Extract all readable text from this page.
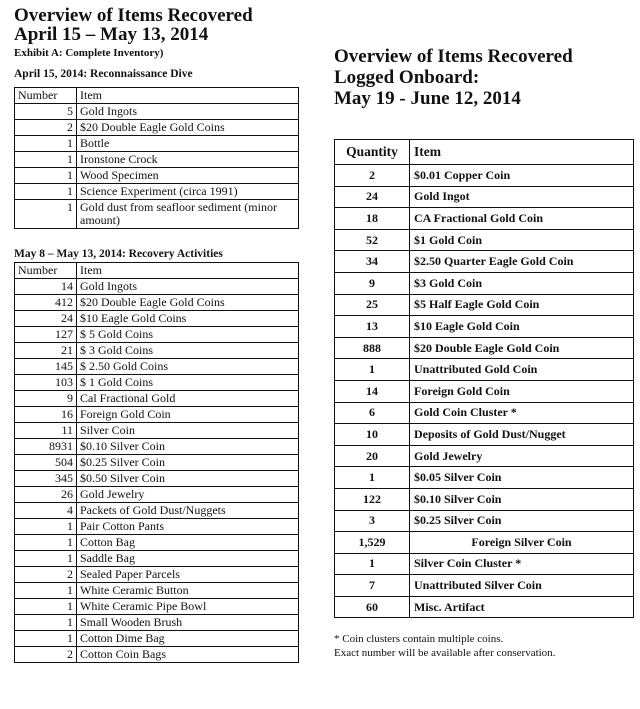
Overview of Items Recovered

April 15 – May 13, 2014

Exhibit A: Complete Inventory)

April 15, 2014: Reconnaissance Dive

Number	Item
5	Gold Ingots
2	$20 Double Eagle Gold Coins
1	Bottle
1	Ironstone Crock
1	Wood Specimen
1	Science Experiment (circa 1991)
1	Gold dust from seafloor sediment (minor amount)

May 8 – May 13, 2014: Recovery Activities

Number	Item
14	Gold Ingots
412	$20 Double Eagle Gold Coins
24	$10 Eagle Gold Coins
127	$ 5 Gold Coins
21	$ 3 Gold Coins
145	$ 2.50 Gold Coins
103	$ 1 Gold Coins
9	Cal Fractional Gold
16	Foreign Gold Coin
11	Silver Coin
8931	$0.10 Silver Coin
504	$0.25 Silver Coin
345	$0.50 Silver Coin
26	Gold Jewelry
4	Packets of Gold Dust/Nuggets
1	Pair Cotton Pants
1	Cotton Bag
1	Saddle Bag
2	Sealed Paper Parcels
1	White Ceramic Button
1	White Ceramic Pipe Bowl
1	Small Wooden Brush
1	Cotton Dime Bag
2	Cotton Coin Bags

Overview of Items Recovered

Logged Onboard:

May 19 - June 12, 2014

Quantity	Item
2	$0.01 Copper Coin
24	Gold Ingot
18	CA Fractional Gold Coin
52	$1 Gold Coin
34	$2.50 Quarter Eagle Gold Coin
9	$3 Gold Coin
25	$5 Half Eagle Gold Coin
13	$10 Eagle Gold Coin
888	$20 Double Eagle Gold Coin
1	Unattributed Gold Coin
14	Foreign Gold Coin
6	Gold Coin Cluster *
10	Deposits of Gold Dust/Nugget
20	Gold Jewelry
1	$0.05 Silver Coin
122	$0.10 Silver Coin
3	$0.25 Silver Coin
1,529	Foreign Silver Coin
1	Silver Coin Cluster *
7	Unattributed Silver Coin
60	Misc. Artifact

* Coin clusters contain multiple coins.

Exact number will be available after conservation.
